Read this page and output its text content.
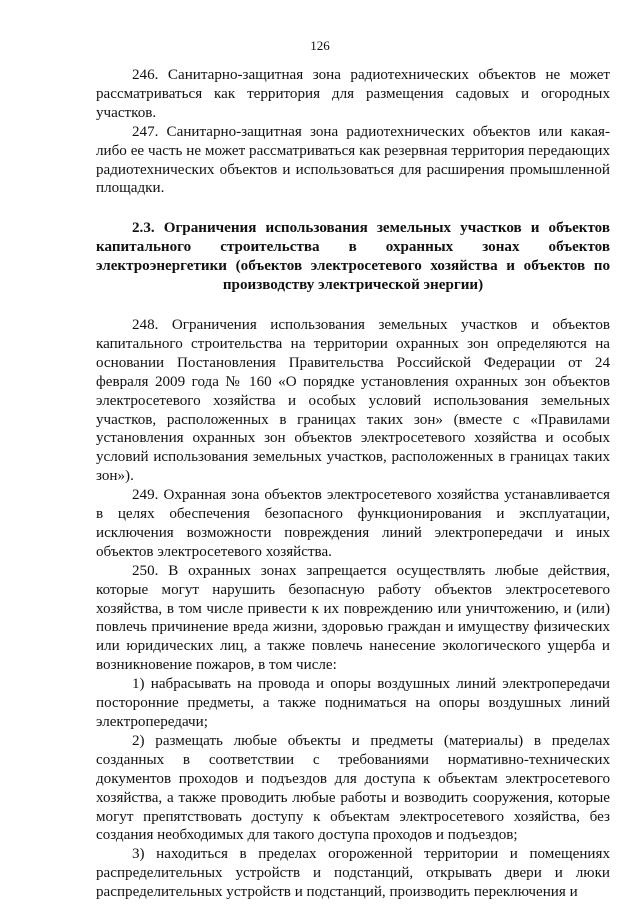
126

246. Санитарно-защитная зона радиотехнических объектов не может рассматриваться как территория для размещения садовых и огородных участков.

247. Санитарно-защитная зона радиотехнических объектов или какая-либо ее часть не может рассматриваться как резервная территория передающих радиотехнических объектов и использоваться для расширения промышленной площадки.

2.3. Ограничения использования земельных участков и объектов капитального строительства в охранных зонах объектов электроэнергетики (объектов электросетевого хозяйства и объектов по производству электрической энергии)

248. Ограничения использования земельных участков и объектов капитального строительства на территории охранных зон определяются на основании Постановления Правительства Российской Федерации от 24 февраля 2009 года № 160 «О порядке установления охранных зон объектов электросетевого хозяйства и особых условий использования земельных участков, расположенных в границах таких зон» (вместе с «Правилами установления охранных зон объектов электросетевого хозяйства и особых условий использования земельных участков, расположенных в границах таких зон»).

249. Охранная зона объектов электросетевого хозяйства устанавливается в целях обеспечения безопасного функционирования и эксплуатации, исключения возможности повреждения линий электропередачи и иных объектов электросетевого хозяйства.

250. В охранных зонах запрещается осуществлять любые действия, которые могут нарушить безопасную работу объектов электросетевого хозяйства, в том числе привести к их повреждению или уничтожению, и (или) повлечь причинение вреда жизни, здоровью граждан и имуществу физических или юридических лиц, а также повлечь нанесение экологического ущерба и возникновение пожаров, в том числе:

1) набрасывать на провода и опоры воздушных линий электропередачи посторонние предметы, а также подниматься на опоры воздушных линий электропередачи;

2) размещать любые объекты и предметы (материалы) в пределах созданных в соответствии с требованиями нормативно-технических документов проходов и подъездов для доступа к объектам электросетевого хозяйства, а также проводить любые работы и возводить сооружения, которые могут препятствовать доступу к объектам электросетевого хозяйства, без создания необходимых для такого доступа проходов и подъездов;

3) находиться в пределах огороженной территории и помещениях распределительных устройств и подстанций, открывать двери и люки распределительных устройств и подстанций, производить переключения и
